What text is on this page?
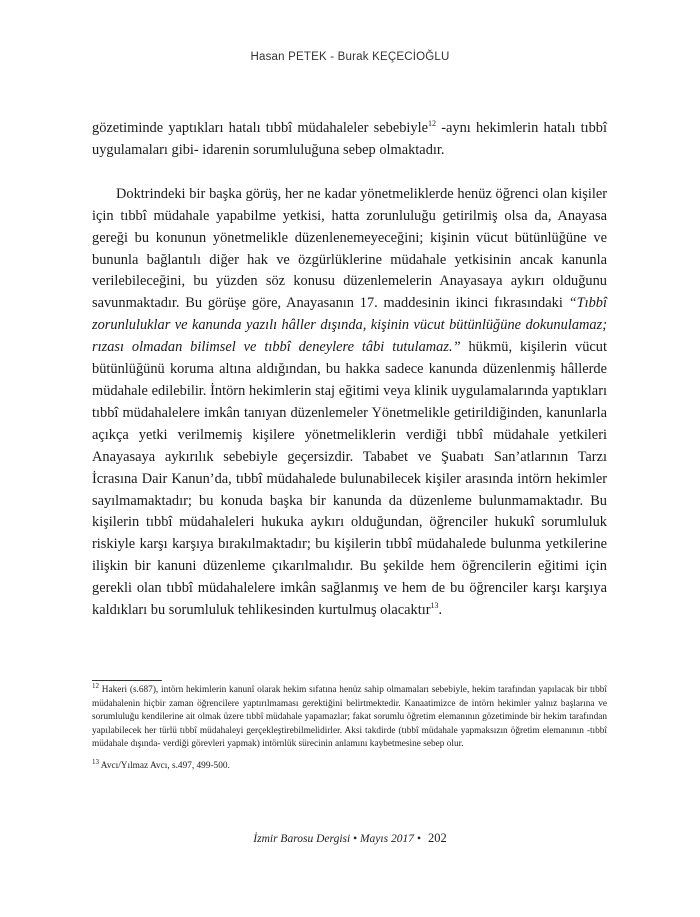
Hasan PETEK - Burak KEÇECİOĞLU

gözetiminde yaptıkları hatalı tıbbî müdahaleler sebebiyle$^{12}$ -aynı hekimlerin hatalı tıbbî uygulamaları gibi- idarenin sorumluluğuna sebep olmaktadır.

Doktrindeki bir başka görüş, her ne kadar yönetmeliklerde henüz öğrenci olan kişiler için tıbbî müdahale yapabilme yetkisi, hatta zorunluluğu getirilmiş olsa da, Anayasa gereği bu konunun yönetmelikle düzenlenemeyeceğini; kişinin vücut bütünlüğüne ve bununla bağlantılı diğer hak ve özgürlüklerine müdahale yetkisinin ancak kanunla verilebileceğini, bu yüzden söz konusu düzenlemelerin Anayasaya aykırı olduğunu savunmaktadır. Bu görüşe göre, Anayasanın 17. maddesinin ikinci fıkrasındaki “Tıbbî zorunluluklar ve kanunda yazılı hâller dışında, kişinin vücut bütünlüğüne dokunulamaz; rızası olmadan bilimsel ve tıbbî deneylere tâbi tutulamaz.” hükmü, kişilerin vücut bütünlüğünü koruma altına aldığından, bu hakka sadece kanunda düzenlenmiş hâllerde müdahale edilebilir. İntörn hekimlerin staj eğitimi veya klinik uygulamalarında yaptıkları tıbbî müdahalelere imkân tanıyan düzenlemeler Yönetmelikle getirildiğinden, kanunlarla açıkça yetki verilmemiş kişilere yönetmeliklerin verdiği tıbbî müdahale yetkileri Anayasaya aykırılık sebebiyle geçersizdir. Tababet ve Şuabatı San’atlarının Tarzı İcrasına Dair Kanun’da, tıbbî müdahalede bulunabilecek kişiler arasında intörn hekimler sayılmamaktadır; bu konuda başka bir kanunda da düzenleme bulunmamaktadır. Bu kişilerin tıbbî müdahaleleri hukuka aykırı olduğundan, öğrenciler hukukî sorumluluk riskiyle karşı karşıya bırakılmaktadır; bu kişilerin tıbbî müdahalede bulunma yetkilerine ilişkin bir kanuni düzenleme çıkarılmalıdır. Bu şekilde hem öğrencilerin eğitimi için gerekli olan tıbbî müdahalelere imkân sağlanmış ve hem de bu öğrenciler karşı karşıya kaldıkları bu sorumluluk tehlikesinden kurtulmuş olacaktır$^{13}$.

$^{12}$ Hakeri (s.687), intörn hekimlerin kanunî olarak hekim sıfatına henüz sahip olmamaları sebebiyle, hekim tarafından yapılacak bir tıbbî müdahalenin hiçbir zaman öğrencilere yaptırılmaması gerektiğini belirtmektedir. Kanaatimizce de intörn hekimler yalnız başlarına ve sorumluluğu kendilerine ait olmak üzere tıbbî müdahale yapamazlar; fakat sorumlu öğretim elemanının gözetiminde bir hekim tarafından yapılabilecek her türlü tıbbî müdahaleyi gerçekleştirebilmelidirler. Aksi takdirde (tıbbî müdahale yapmaksızın öğretim elemanının -tıbbî müdahale dışında- verdiği görevleri yapmak) intörnlük sürecinin anlamını kaybetmesine sebep olur.

$^{13}$ Avcı/Yılmaz Avcı, s.497, 499-500.

İzmir Barosu Dergisi • Mayıs 2017 • 202
